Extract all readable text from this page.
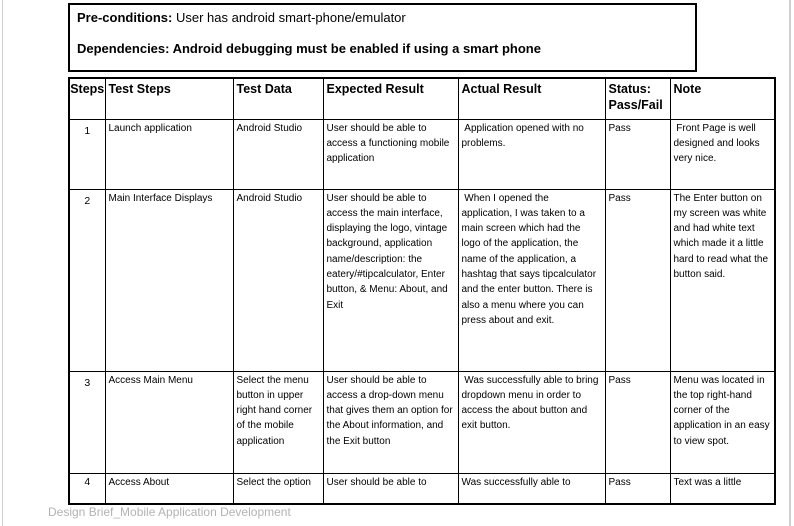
Pre-conditions: User has android smart-phone/emulator

Dependencies: Android debugging must be enabled if using a smart phone

Steps	Test Steps	Test Data	Expected Result	Actual Result	Status: Pass/Fail	Note
1	Launch application	Android Studio	User should be able to access a functioning mobile application	Application opened with no problems.	Pass	Front Page is well designed and looks very nice.
2	Main Interface Displays	Android Studio	User should be able to access the main interface, displaying the logo, vintage background, application name/description: the eatery/#tipcalculator, Enter button, & Menu: About, and Exit	When I opened the application, I was taken to a main screen which had the logo of the application, the name of the application, a hashtag that says tipcalculator and the enter button. There is also a menu where you can press about and exit.	Pass	The Enter button on my screen was white and had white text which made it a little hard to read what the button said.
3	Access Main Menu	Select the menu button in upper right hand corner of the mobile application	User should be able to access a drop-down menu that gives them an option for the About information, and the Exit button	Was successfully able to bring dropdown menu in order to access the about button and exit button.	Pass	Menu was located in the top right-hand corner of the application in an easy to view spot.
4	Access About	Select the option	User should be able to	Was successfully able to	Pass	Text was a little
Design Brief_Mobile Application Development
